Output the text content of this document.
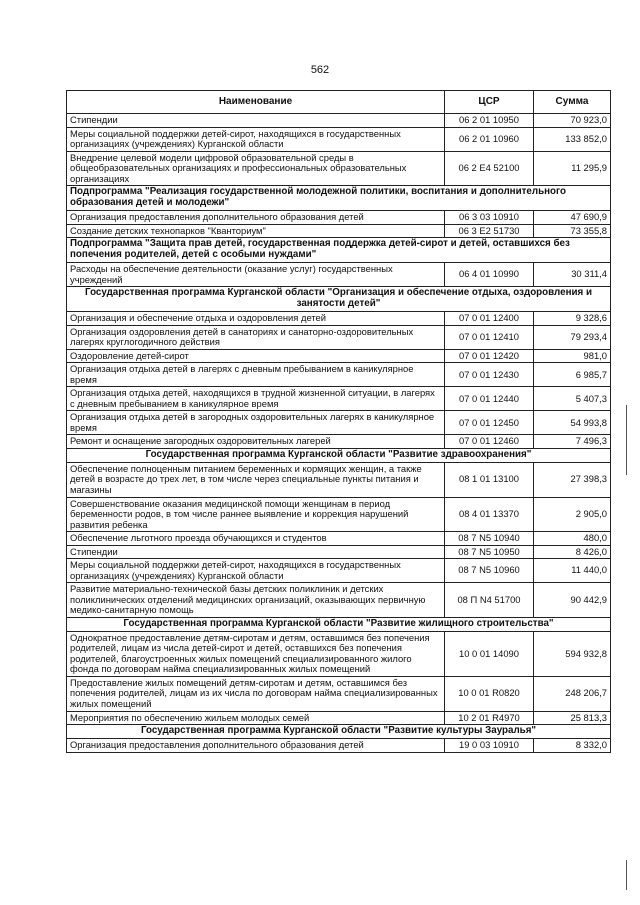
562
Наименование	ЦСР	Сумма
Стипендии	06 2 01 10950	70 923,0
Меры социальной поддержки детей-сирот, находящихся в государственных организациях (учреждениях) Курганской области	06 2 01 10960	133 852,0
Внедрение целевой модели цифровой образовательной среды в общеобразовательных организациях и профессиональных образовательных организациях	06 2 E4 52100	11 295,9
Подпрограмма "Реализация государственной молодежной политики, воспитания и дополнительного образования детей и молодежи"		
Организация предоставления дополнительного образования детей	06 3 03 10910	47 690,9
Создание детских технопарков "Кванториум"	06 3 E2 51730	73 355,8
Подпрограмма "Защита прав детей, государственная поддержка детей-сирот и детей, оставшихся без попечения родителей, детей с особыми нуждами"		
Расходы на обеспечение деятельности (оказание услуг) государственных учреждений	06 4 01 10990	30 311,4
Государственная программа Курганской области "Организация и обеспечение отдыха, оздоровления и занятости детей"		
Организация и обеспечение отдыха и оздоровления детей	07 0 01 12400	9 328,6
Организация оздоровления детей в санаториях и санаторно-оздоровительных лагерях круглогодичного действия	07 0 01 12410	79 293,4
Оздоровление детей-сирот	07 0 01 12420	981,0
Организация отдыха детей в лагерях с дневным пребыванием в каникулярное время	07 0 01 12430	6 985,7
Организация отдыха детей, находящихся в трудной жизненной ситуации, в лагерях с дневным пребыванием в каникулярное время	07 0 01 12440	5 407,3
Организация отдыха детей в загородных оздоровительных лагерях в каникулярное время	07 0 01 12450	54 993,8
Ремонт и оснащение загородных оздоровительных лагерей	07 0 01 12460	7 496,3
Государственная программа Курганской области "Развитие здравоохранения"		
Обеспечение полноценным питанием беременных и кормящих женщин, а также детей в возрасте до трех лет, в том числе через специальные пункты питания и магазины	08 1 01 13100	27 398,3
Совершенствование оказания медицинской помощи женщинам в период беременности родов, в том числе раннее выявление и коррекция нарушений развития ребенка	08 4 01 13370	2 905,0
Обеспечение льготного проезда обучающихся и студентов	08 7 N5 10940	480,0
Стипендии	08 7 N5 10950	8 426,0
Меры социальной поддержки детей-сирот, находящихся в государственных организациях (учреждениях) Курганской области	08 7 N5 10960	11 440,0
Развитие материально-технической базы детских поликлиник и детских поликлинических отделений медицинских организаций, оказывающих первичную медико-санитарную помощь	08 П N4 51700	90 442,9
Государственная программа Курганской области "Развитие жилищного строительства"		
Однократное предоставление детям-сиротам и детям, оставшимся без попечения родителей, лицам из числа детей-сирот и детей, оставшихся без попечения родителей, благоустроенных жилых помещений специализированного жилого фонда по договорам найма специализированных жилых помещений	10 0 01 14090	594 932,8
Предоставление жилых помещений детям-сиротам и детям, оставшимся без попечения родителей, лицам из их числа по договорам найма специализированных жилых помещений	10 0 01 R0820	248 206,7
Мероприятия по обеспечению жильем молодых семей	10 2 01 R4970	25 813,3
Государственная программа Курганской области "Развитие культуры Зауралья"		
Организация предоставления дополнительного образования детей	19 0 03 10910	8 332,0
